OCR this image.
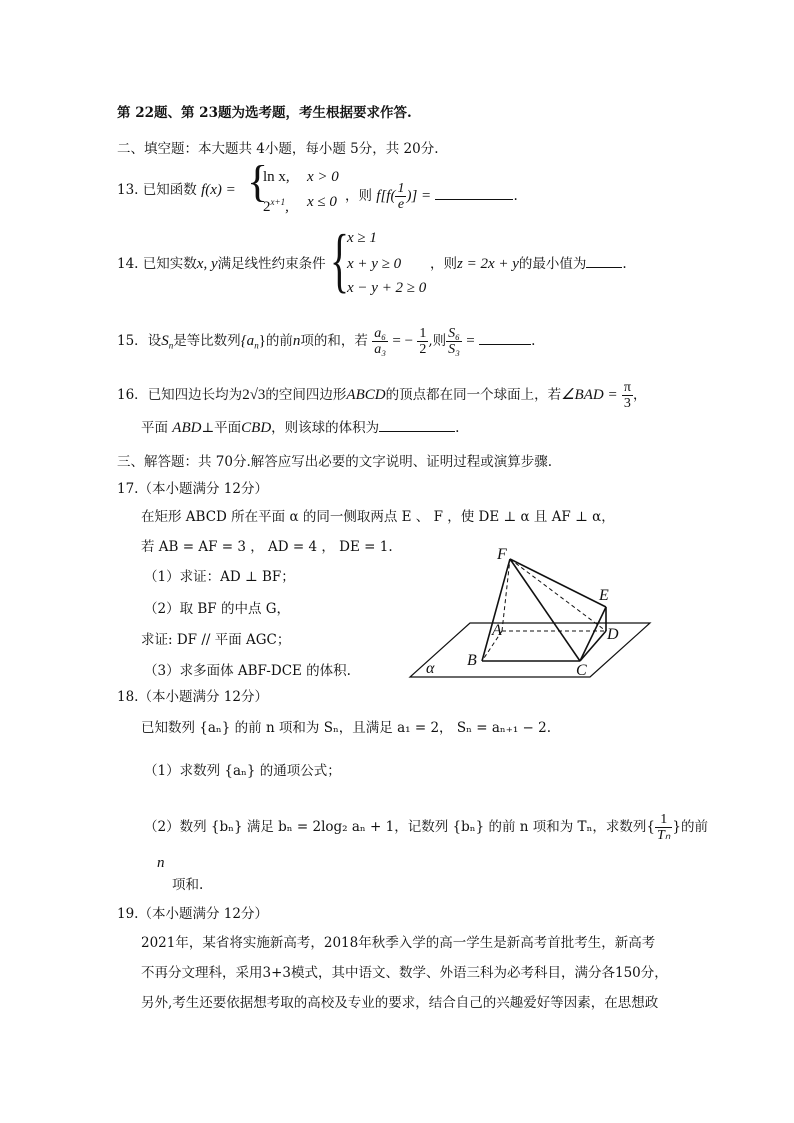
第 22题、第 23题为选考题，考生根据要求作答.
二、填空题：本大题共 4小题，每小题 5分，共 20分.
13. 已知函数 f(x) = {
ln x, x > 0
$2^{x+1}$, x ≤ 0 ，则 $f[f( \frac{1}{e}$ )] =	.
14. 已知实数x, y满足线性约束条件 {
x ≥ 1
x + y ≥ 0
x − y + 2 ≥ 0
，则z = 2x + y的最小值为	.
15．设$S_n$是等比数列$\{a_n\}$的前n项的和，若 $\frac{\text{a₆}}{\text{a₃}}$ = − $\frac{1}{2}$ ,则 $\frac{\text{S₆}}{\text{S₃}}$ =	.
16．已知四边长均为2√3的空间四边形ABCD的顶点都在同一个球面上，若∠BAD = $\frac{\pi}{3}$ ，
平面 ABD⊥平面CBD，则该球的体积为	.
三、解答题：共 70分.解答应写出必要的文字说明、证明过程或演算步骤.
17.（本小题满分 12分）
在矩形 ABCD 所在平面 α 的同一侧取两点 E 、 F ，使 DE ⊥ α 且 AF ⊥ α，
若 AB = AF = 3 ， AD = 4 ， DE = 1.
（1）求证：AD ⊥ BF；
（2）取 BF 的中点 G，
求证: DF // 平面 AGC；
（3）求多面体 ABF-DCE 的体积.
F
E
A	D
B
C
α
18.（本小题满分 12分）
已知数列 {aₙ} 的前 n 项和为 Sₙ，且满足 a₁ = 2， Sₙ = aₙ₊₁ − 2.
（1）求数列 {aₙ} 的通项公式；
（2）数列 {bₙ} 满足 bₙ = 2log₂ aₙ + 1，记数列 {bₙ} 的前 n 项和为 Tₙ，求数列{ $\frac{1}{\text{Tₙ}}$ }的前
n
项和.
19.（本小题满分 12分）
2021年，某省将实施新高考，2018年秋季入学的高一学生是新高考首批考生，新高考
不再分文理科，采用3+3模式，其中语文、数学、外语三科为必考科目，满分各150分，
另外,考生还要依据想考取的高校及专业的要求，结合自己的兴趣爱好等因素，在思想政
